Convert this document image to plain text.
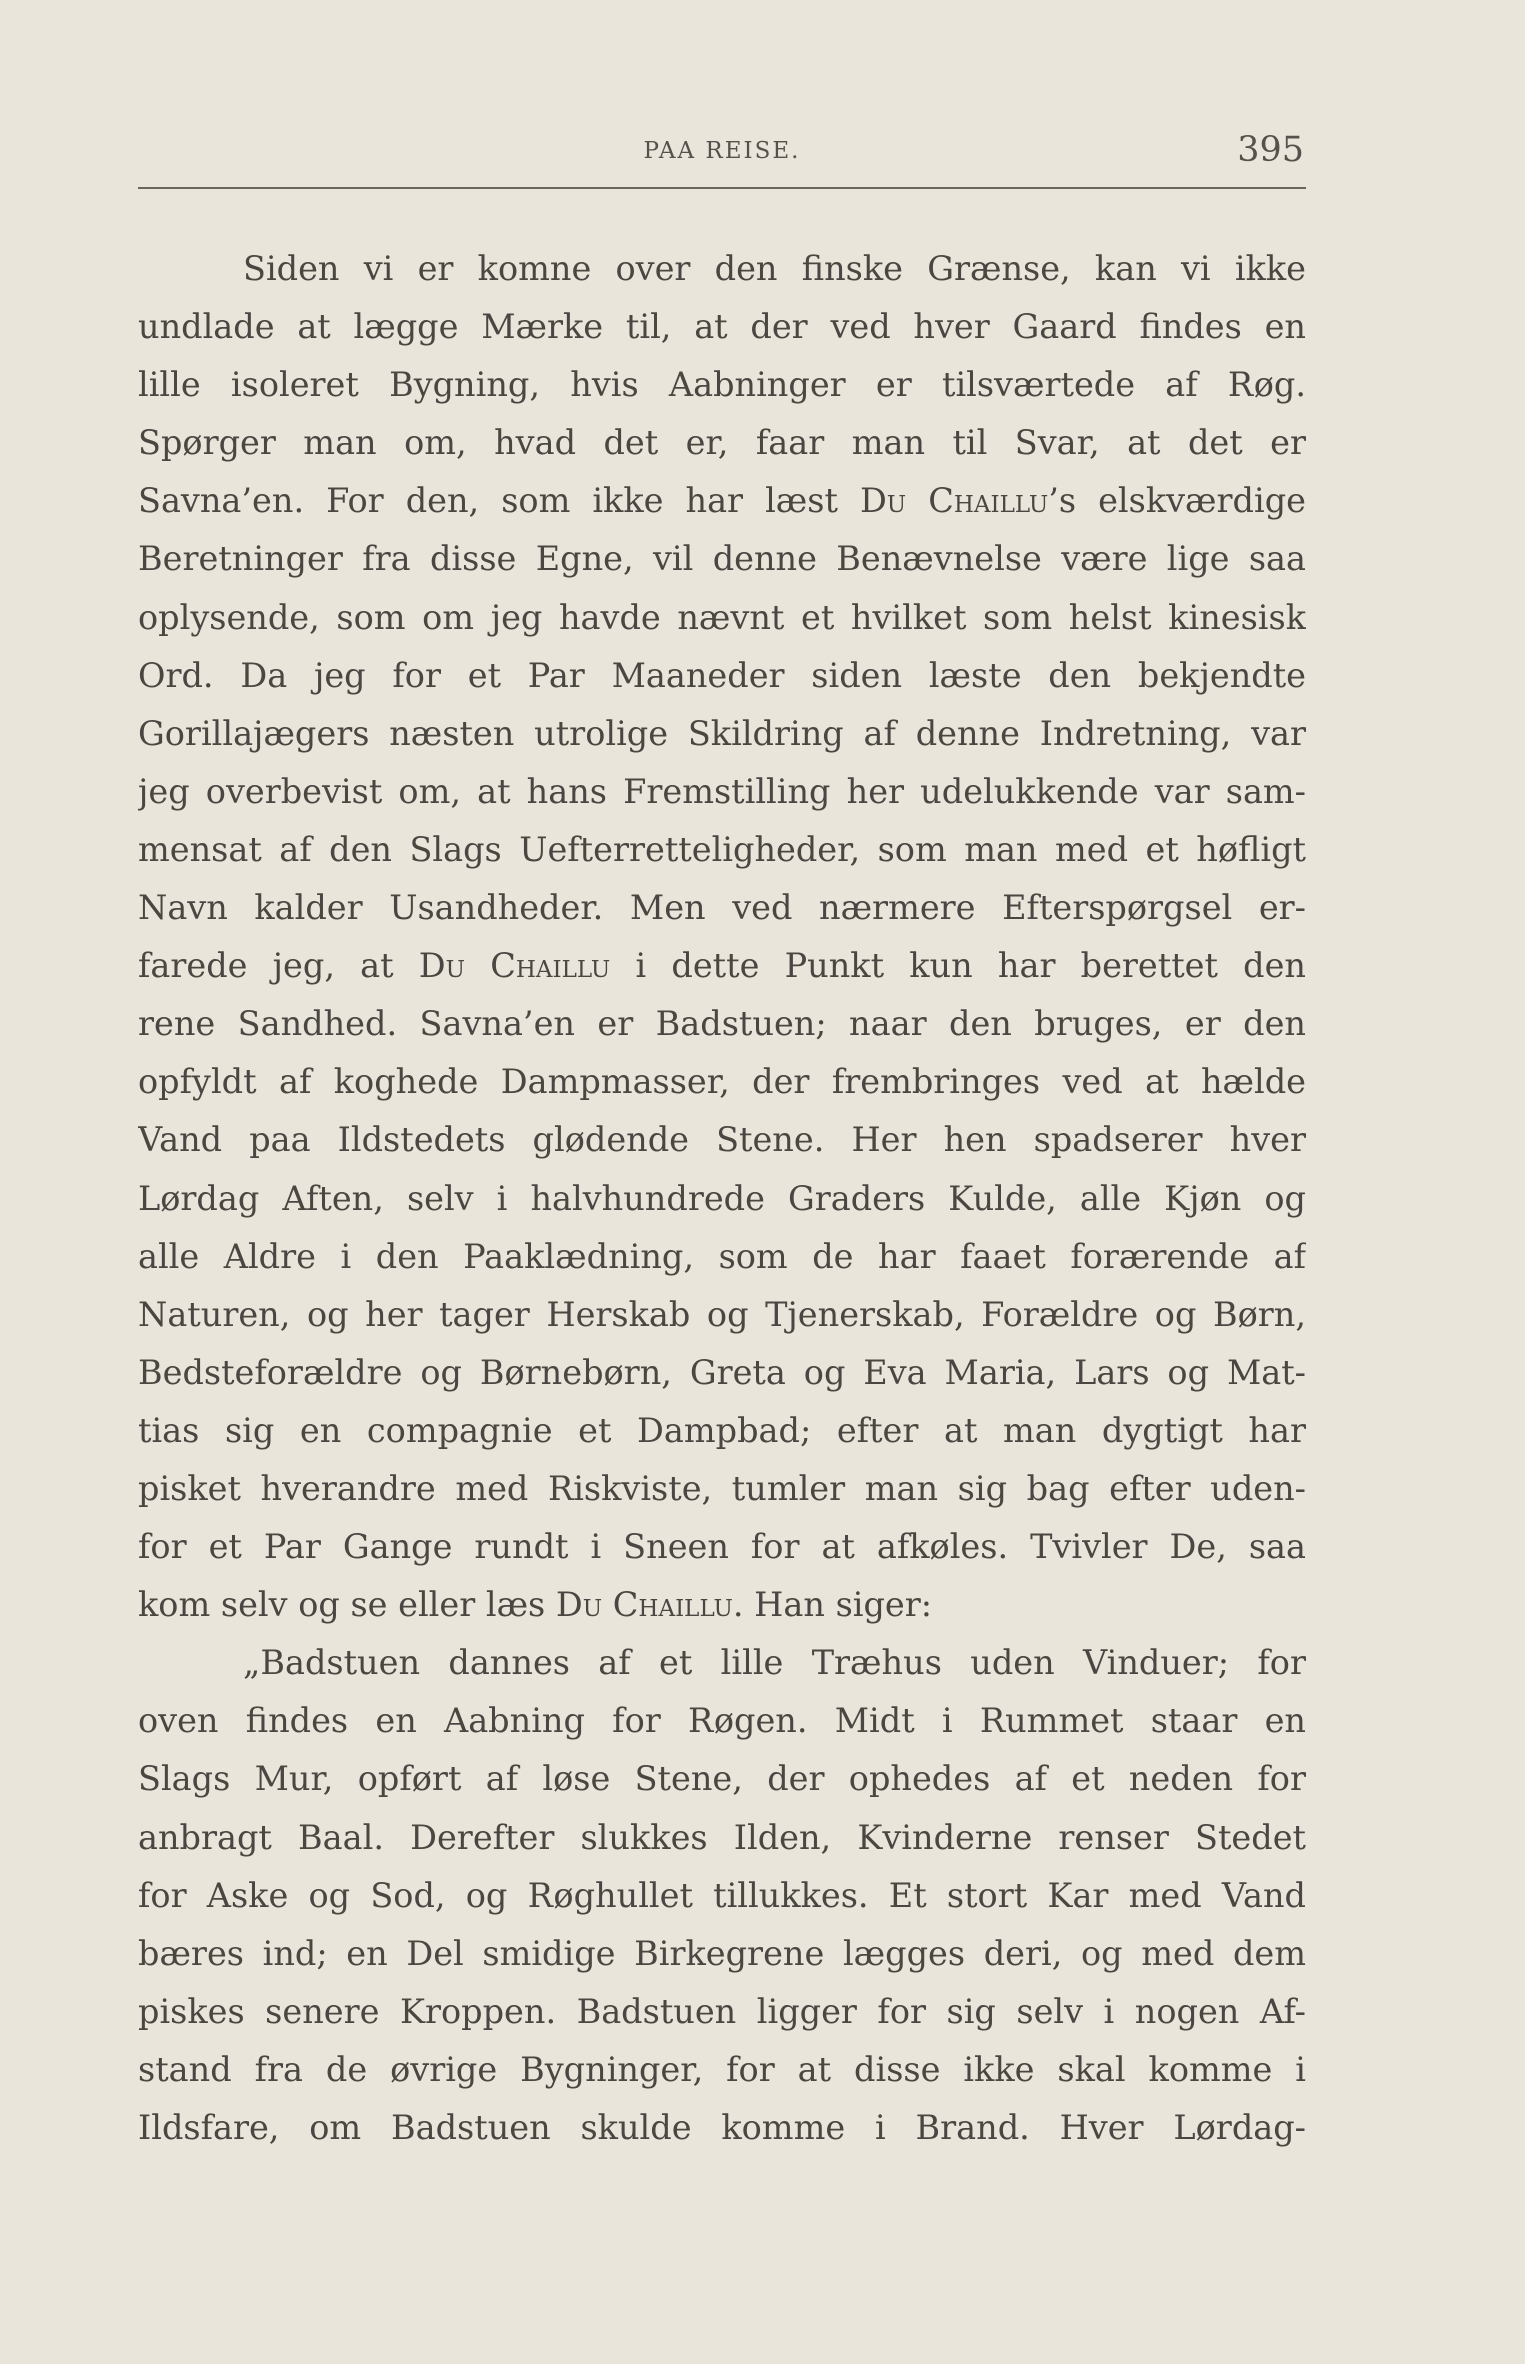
PAA REISE.	395
Siden vi er komne over den finske Grænse, kan vi ikke
undlade at lægge Mærke til, at der ved hver Gaard findes en
lille isoleret Bygning, hvis Aabninger er tilsværtede af Røg.
Spørger man om, hvad det er, faar man til Svar, at det er
Savna’en. For den, som ikke har læst Du Chaillu’s elskværdige
Beretninger fra disse Egne, vil denne Benævnelse være lige saa
oplysende, som om jeg havde nævnt et hvilket som helst kinesisk
Ord. Da jeg for et Par Maaneder siden læste den bekjendte
Gorillajægers næsten utrolige Skildring af denne Indretning, var
jeg overbevist om, at hans Fremstilling her udelukkende var sam-
mensat af den Slags Uefterretteligheder, som man med et høfligt
Navn kalder Usandheder. Men ved nærmere Efterspørgsel er-
farede jeg, at Du Chaillu i dette Punkt kun har berettet den
rene Sandhed. Savna’en er Badstuen; naar den bruges, er den
opfyldt af koghede Dampmasser, der frembringes ved at hælde
Vand paa Ildstedets glødende Stene. Her hen spadserer hver
Lørdag Aften, selv i halvhundrede Graders Kulde, alle Kjøn og
alle Aldre i den Paaklædning, som de har faaet forærende af
Naturen, og her tager Herskab og Tjenerskab, Forældre og Børn,
Bedsteforældre og Børnebørn, Greta og Eva Maria, Lars og Mat-
tias sig en compagnie et Dampbad; efter at man dygtigt har
pisket hverandre med Riskviste, tumler man sig bag efter uden-
for et Par Gange rundt i Sneen for at afkøles. Tvivler De, saa
kom selv og se eller læs Du Chaillu. Han siger:
„Badstuen dannes af et lille Træhus uden Vinduer; for
oven findes en Aabning for Røgen. Midt i Rummet staar en
Slags Mur, opført af løse Stene, der ophedes af et neden for
anbragt Baal. Derefter slukkes Ilden, Kvinderne renser Stedet
for Aske og Sod, og Røghullet tillukkes. Et stort Kar med Vand
bæres ind; en Del smidige Birkegrene lægges deri, og med dem
piskes senere Kroppen. Badstuen ligger for sig selv i nogen Af-
stand fra de øvrige Bygninger, for at disse ikke skal komme i
Ildsfare, om Badstuen skulde komme i Brand. Hver Lørdag-
